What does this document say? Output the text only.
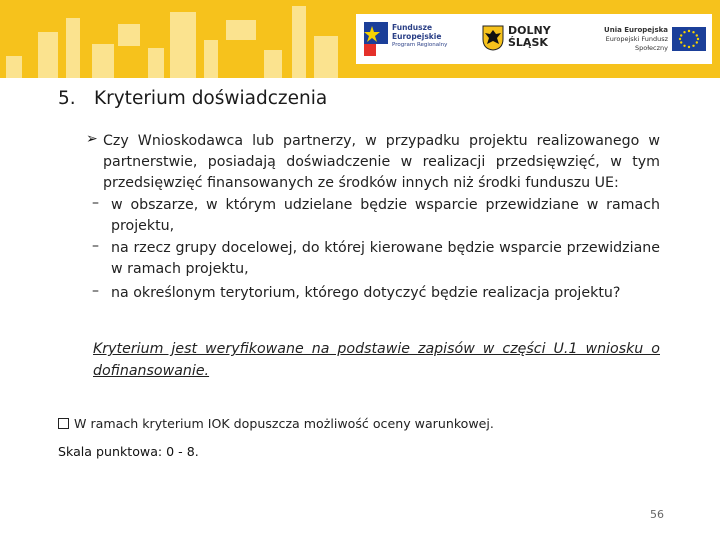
Fundusze
Europejskie
Program Regionalny
DOLNY
ŚLĄSK
Unia Europejska
Europejski Fundusz Społeczny
5. Kryterium doświadczenia
➢ Czy Wnioskodawca lub partnerzy, w przypadku projektu realizowanego w partnerstwie, posiadają doświadczenie w realizacji przedsięwzięć, w tym przedsięwzięć finansowanych ze środków innych niż środki funduszu UE:
– w obszarze, w którym udzielane będzie wsparcie przewidziane w ramach projektu,
– na rzecz grupy docelowej, do której kierowane będzie wsparcie przewidziane w ramach projektu,
– na określonym terytorium, którego dotyczyć będzie realizacja projektu?
Kryterium jest weryfikowane na podstawie zapisów w części U.1 wniosku o dofinansowanie.
W ramach kryterium IOK dopuszcza możliwość oceny warunkowej.
Skala punktowa: 0 - 8.
56
